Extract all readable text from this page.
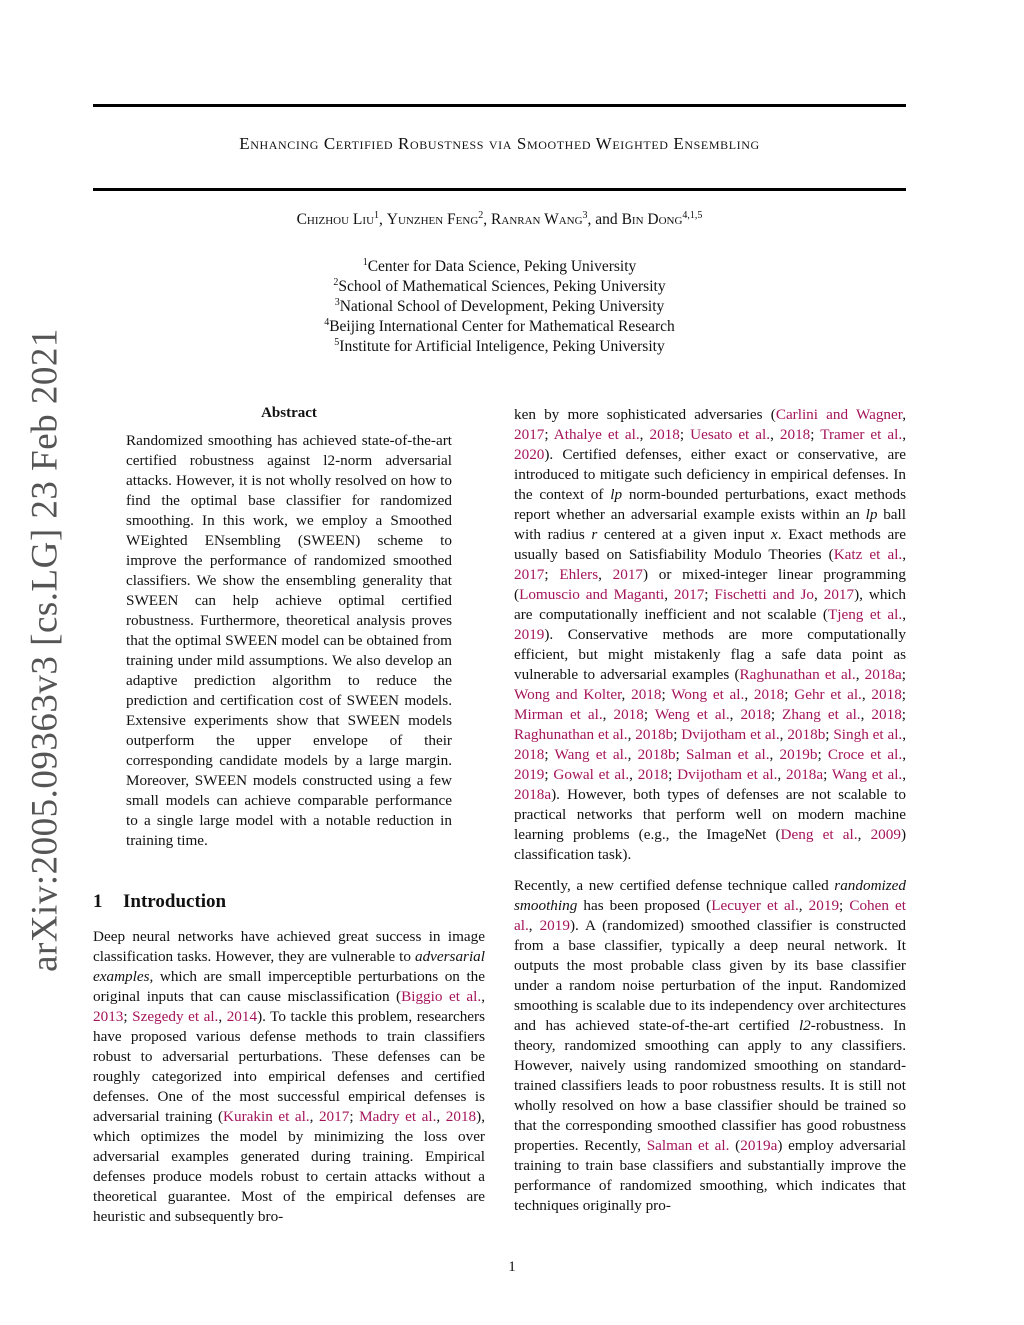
Enhancing Certified Robustness via Smoothed Weighted Ensembling
Chizhou Liu$^1$, Yunzhen Feng$^2$, Ranran Wang$^3$, and Bin Dong$^{4,1,5}$
$^1$Center for Data Science, Peking University
$^2$School of Mathematical Sciences, Peking University
$^3$National School of Development, Peking University
$^4$Beijing International Center for Mathematical Research
$^5$Institute for Artificial Inteligence, Peking University
arXiv:2005.09363v3 [cs.LG] 23 Feb 2021	Abstract

Randomized smoothing has achieved state-of-the-art certified robustness against l2-norm adversarial attacks. However, it is not wholly resolved on how to find the optimal base classifier for randomized smoothing. In this work, we employ a Smoothed WEighted ENsembling (SWEEN) scheme to improve the performance of randomized smoothed classifiers. We show the ensembling generality that SWEEN can help achieve optimal certified robustness. Furthermore, theoretical analysis proves that the optimal SWEEN model can be obtained from training under mild assumptions. We also develop an adaptive prediction algorithm to reduce the prediction and certification cost of SWEEN models. Extensive experiments show that SWEEN models outperform the upper envelope of their corresponding candidate models by a large margin. Moreover, SWEEN models constructed using a few small models can achieve comparable performance to a single large model with a notable reduction in training time.

1 Introduction

Deep neural networks have achieved great success in image classification tasks. However, they are vulnerable to adversarial examples, which are small imperceptible perturbations on the original inputs that can cause misclassification (Biggio et al., 2013; Szegedy et al., 2014). To tackle this problem, researchers have proposed various defense methods to train classifiers robust to adversarial perturbations. These defenses can be roughly categorized into empirical defenses and certified defenses. One of the most successful empirical defenses is adversarial training (Kurakin et al., 2017; Madry et al., 2018), which optimizes the model by minimizing the loss over adversarial examples generated during training. Empirical defenses produce models robust to certain attacks without a theoretical guarantee. Most of the empirical defenses are heuristic and subsequently bro-

ken by more sophisticated adversaries (Carlini and Wagner, 2017; Athalye et al., 2018; Uesato et al., 2018; Tramer et al., 2020). Certified defenses, either exact or conservative, are introduced to mitigate such deficiency in empirical defenses. In the context of lp norm-bounded perturbations, exact methods report whether an adversarial example exists within an lp ball with radius r centered at a given input x. Exact methods are usually based on Satisfiability Modulo Theories (Katz et al., 2017; Ehlers, 2017) or mixed-integer linear programming (Lomuscio and Maganti, 2017; Fischetti and Jo, 2017), which are computationally inefficient and not scalable (Tjeng et al., 2019). Conservative methods are more computationally efficient, but might mistakenly flag a safe data point as vulnerable to adversarial examples (Raghunathan et al., 2018a; Wong and Kolter, 2018; Wong et al., 2018; Gehr et al., 2018; Mirman et al., 2018; Weng et al., 2018; Zhang et al., 2018; Raghunathan et al., 2018b; Dvijotham et al., 2018b; Singh et al., 2018; Wang et al., 2018b; Salman et al., 2019b; Croce et al., 2019; Gowal et al., 2018; Dvijotham et al., 2018a; Wang et al., 2018a). However, both types of defenses are not scalable to practical networks that perform well on modern machine learning problems (e.g., the ImageNet (Deng et al., 2009) classification task).

Recently, a new certified defense technique called randomized smoothing has been proposed (Lecuyer et al., 2019; Cohen et al., 2019). A (randomized) smoothed classifier is constructed from a base classifier, typically a deep neural network. It outputs the most probable class given by its base classifier under a random noise perturbation of the input. Randomized smoothing is scalable due to its independency over architectures and has achieved state-of-the-art certified l2-robustness. In theory, randomized smoothing can apply to any classifiers. However, naively using randomized smoothing on standard-trained classifiers leads to poor robustness results. It is still not wholly resolved on how a base classifier should be trained so that the corresponding smoothed classifier has good robustness properties. Recently, Salman et al. (2019a) employ adversarial training to train base classifiers and substantially improve the performance of randomized smoothing, which indicates that techniques originally pro-

1
